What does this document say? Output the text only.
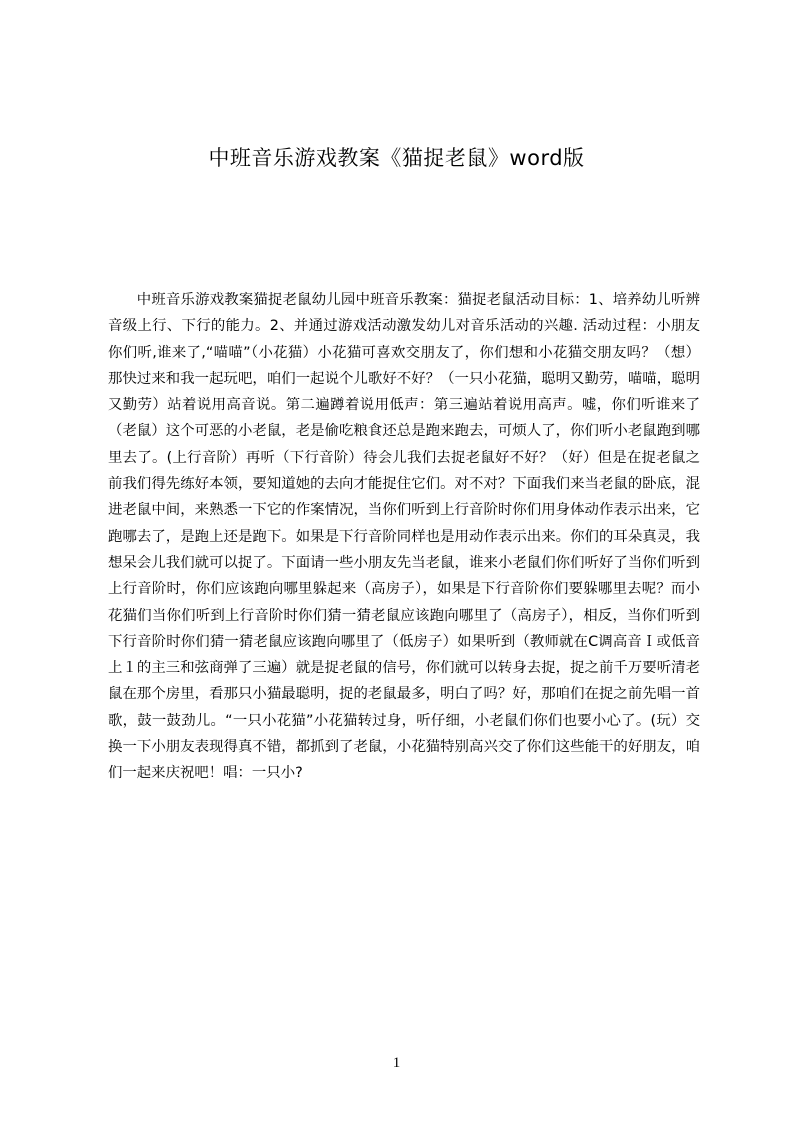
中班音乐游戏教案《猫捉老鼠》word版

中班音乐游戏教案猫捉老鼠幼儿园中班音乐教案：猫捉老鼠活动目标：1、培养幼儿听辨音级上行、下行的能力。2、并通过游戏活动激发幼儿对音乐活动的兴趣. 活动过程：小朋友你们听,谁来了,“喵喵”（小花猫）小花猫可喜欢交朋友了，你们想和小花猫交朋友吗？（想）那快过来和我一起玩吧，咱们一起说个儿歌好不好？（一只小花猫，聪明又勤劳，喵喵，聪明又勤劳）站着说用高音说。第二遍蹲着说用低声：第三遍站着说用高声。嘘，你们听谁来了（老鼠）这个可恶的小老鼠，老是偷吃粮食还总是跑来跑去，可烦人了，你们听小老鼠跑到哪里去了。(上行音阶）再听（下行音阶）待会儿我们去捉老鼠好不好？（好）但是在捉老鼠之前我们得先练好本领，要知道她的去向才能捉住它们。对不对？下面我们来当老鼠的卧底，混进老鼠中间，来熟悉一下它的作案情况，当你们听到上行音阶时你们用身体动作表示出来，它跑哪去了，是跑上还是跑下。如果是下行音阶同样也是用动作表示出来。你们的耳朵真灵，我想呆会儿我们就可以捉了。下面请一些小朋友先当老鼠，谁来小老鼠们你们听好了当你们听到上行音阶时，你们应该跑向哪里躲起来（高房子），如果是下行音阶你们要躲哪里去呢？而小花猫们当你们听到上行音阶时你们猜一猜老鼠应该跑向哪里了（高房子），相反，当你们听到下行音阶时你们猜一猜老鼠应该跑向哪里了（低房子）如果听到（教师就在C调高音Ｉ或低音上１的主三和弦商弹了三遍）就是捉老鼠的信号，你们就可以转身去捉，捉之前千万要听清老鼠在那个房里，看那只小猫最聪明，捉的老鼠最多，明白了吗？好，那咱们在捉之前先唱一首歌，鼓一鼓劲儿。“一只小花猫”小花猫转过身，听仔细，小老鼠们你们也要小心了。(玩）交换一下小朋友表现得真不错，都抓到了老鼠，小花猫特别高兴交了你们这些能干的好朋友，咱们一起来庆祝吧！唱：一只小?

1
